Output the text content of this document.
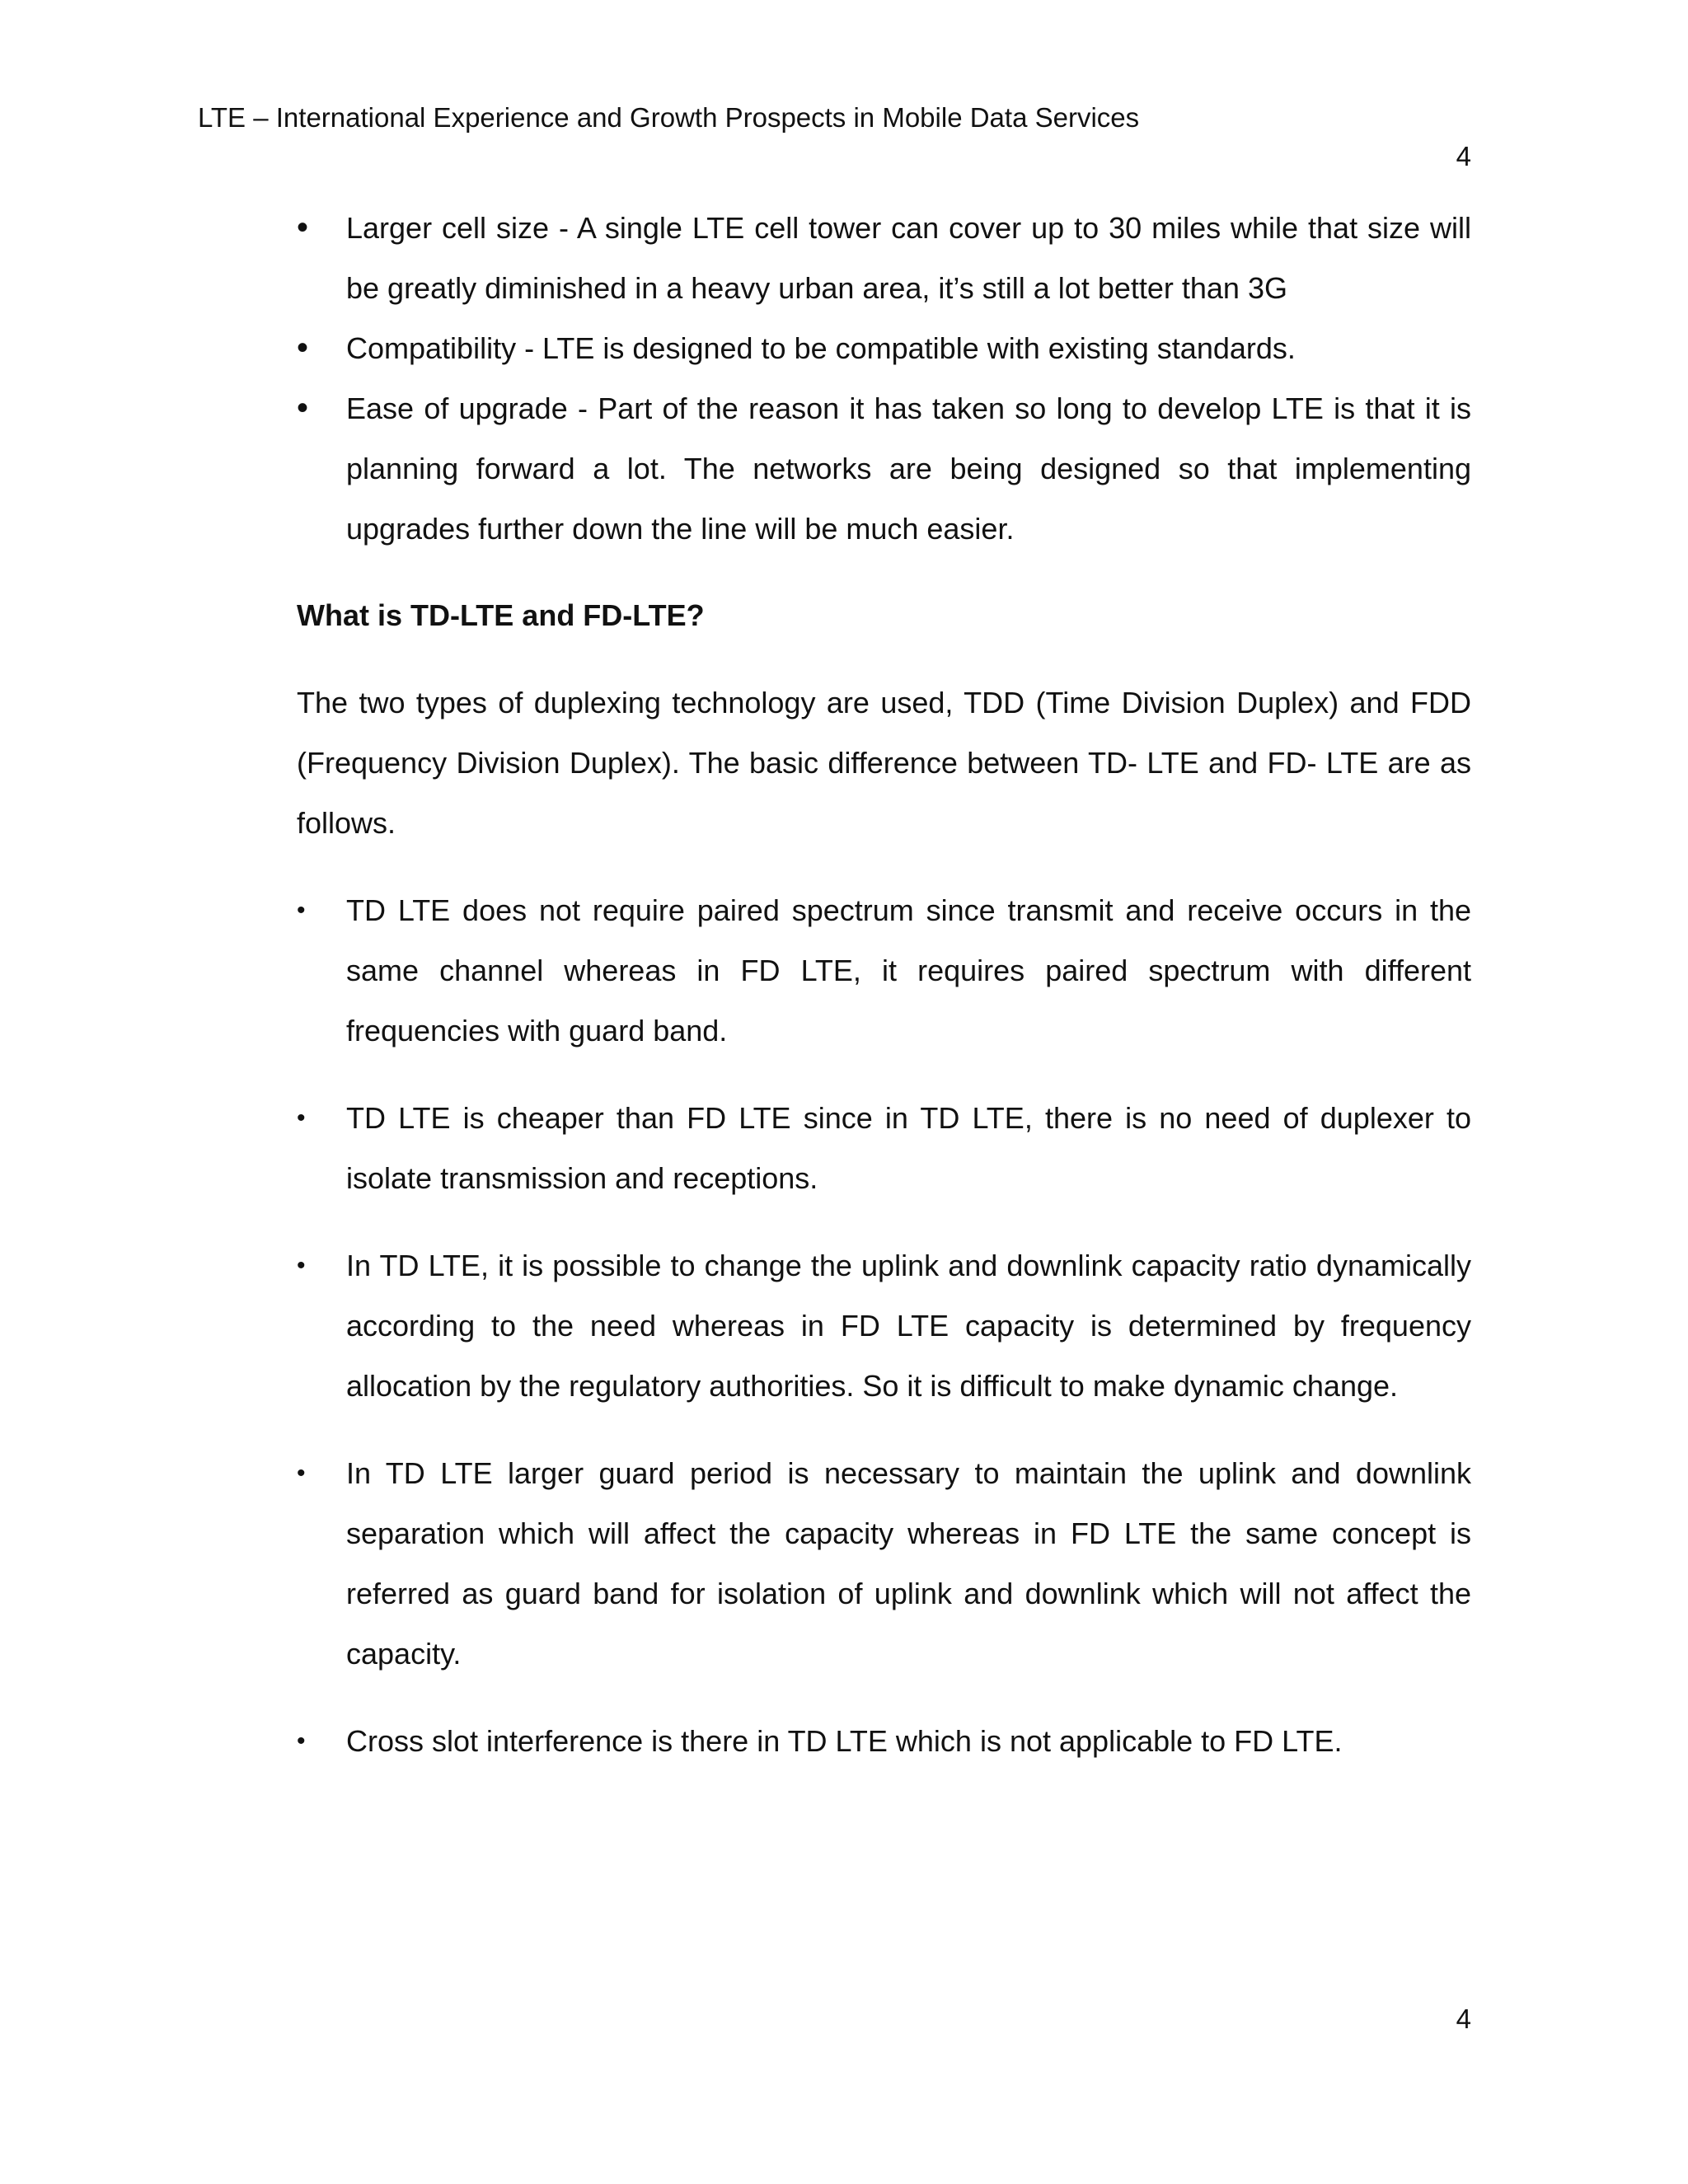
LTE – International Experience and Growth Prospects in Mobile Data Services
4
•	Larger cell size - A single LTE cell tower can cover up to 30 miles while that size will be greatly diminished in a heavy urban area, it’s still a lot better than 3G
•	Compatibility - LTE is designed to be compatible with existing standards.
•	Ease of upgrade - Part of the reason it has taken so long to develop LTE is that it is planning forward a lot. The networks are being designed so that implementing upgrades further down the line will be much easier.
What is TD-LTE and FD-LTE?

The two types of duplexing technology are used, TDD (Time Division Duplex) and FDD (Frequency Division Duplex). The basic difference between TD- LTE and FD- LTE are as follows.

•	TD LTE does not require paired spectrum since transmit and receive occurs in the same channel whereas in FD LTE, it requires paired spectrum with different frequencies with guard band.
•	TD LTE is cheaper than FD LTE since in TD LTE, there is no need of duplexer to isolate transmission and receptions.
•	In TD LTE, it is possible to change the uplink and downlink capacity ratio dynamically according to the need whereas in FD LTE capacity is determined by frequency allocation by the regulatory authorities. So it is difficult to make dynamic change.
•	In TD LTE larger guard period is necessary to maintain the uplink and downlink separation which will affect the capacity whereas in FD LTE the same concept is referred as guard band for isolation of uplink and downlink which will not affect the capacity.
•	Cross slot interference is there in TD LTE which is not applicable to FD LTE.
4
